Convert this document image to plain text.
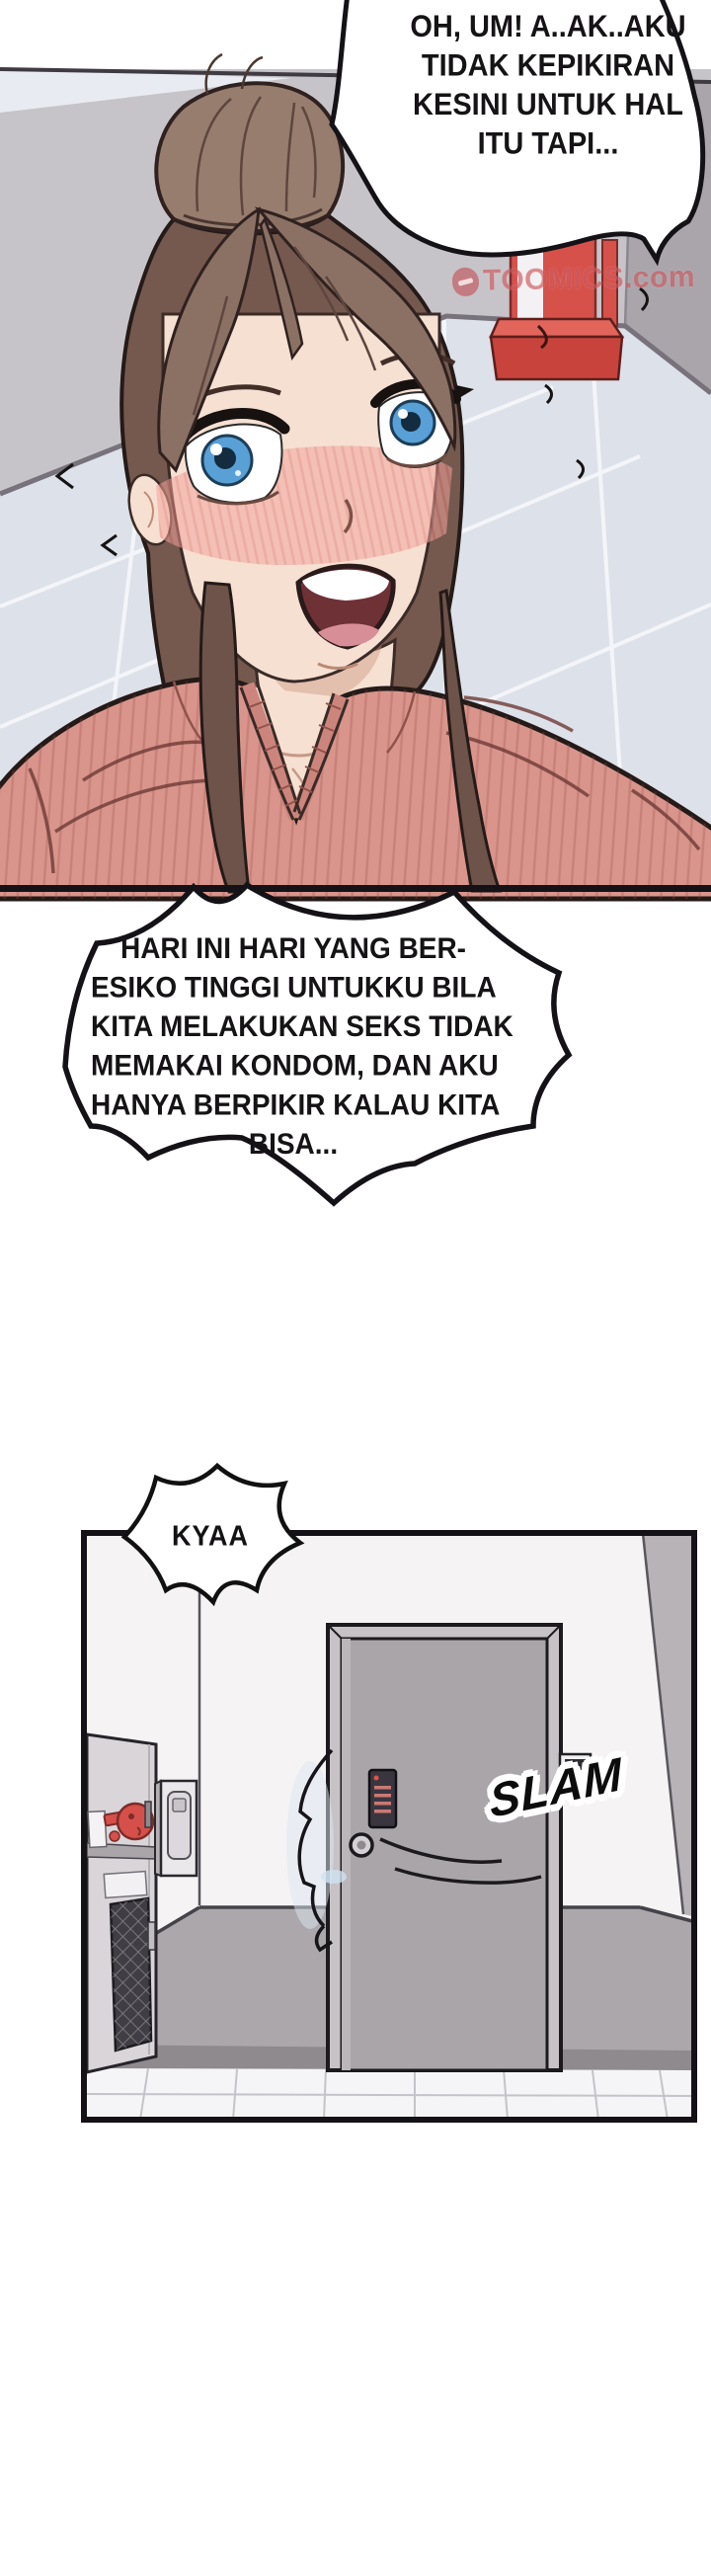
OH, UM! A..AK..AKU
TIDAK KEPIKIRAN
KESINI UNTUK HAL
ITU TAPI...
HARI INI HARI YANG BER-
ESIKO TINGGI UNTUKKU BILA
KITA MELAKUKAN SEKS TIDAK
MEMAKAI KONDOM, DAN AKU
HANYA BERPIKIR KALAU KITA
BISA...
KYAA
SLAM
TOOMICS.com
